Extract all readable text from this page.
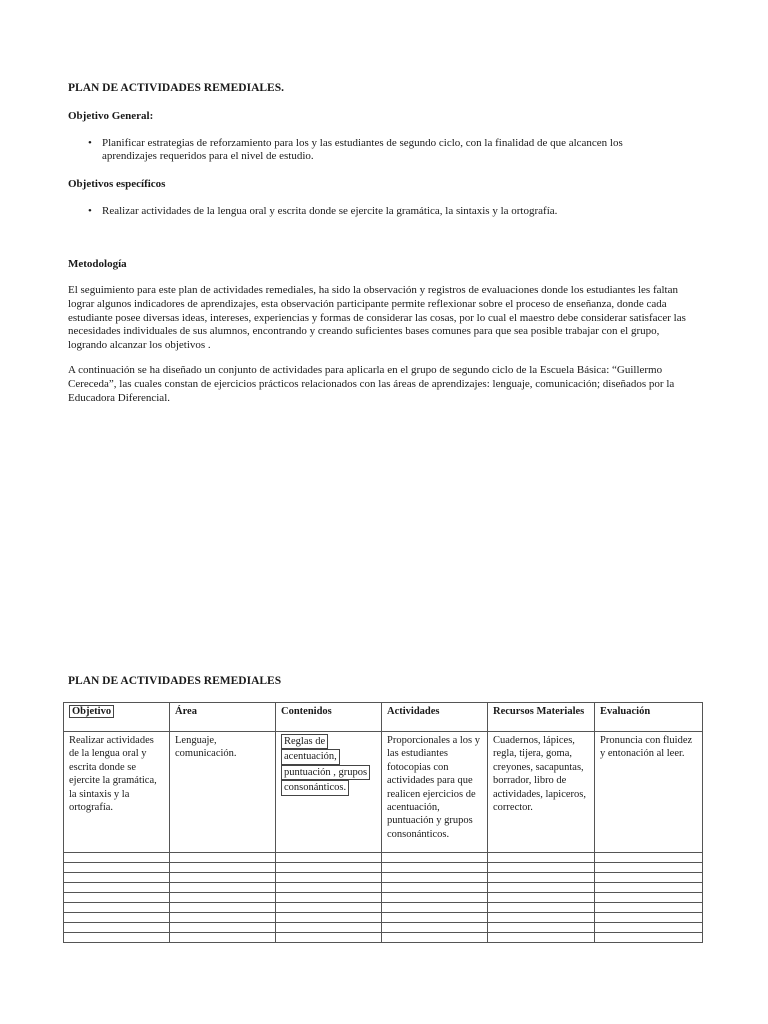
PLAN DE ACTIVIDADES REMEDIALES.
Objetivo General:
• Planificar estrategias de reforzamiento para los y las estudiantes de segundo ciclo, con la finalidad de que alcancen los aprendizajes requeridos para el nivel de estudio.
Objetivos específicos
• Realizar actividades de la lengua oral y escrita donde se ejercite la gramática, la sintaxis y la ortografía.
Metodología
El seguimiento para este plan de actividades remediales, ha sido la observación y registros de evaluaciones donde los estudiantes les faltan lograr algunos indicadores de aprendizajes, esta observación participante permite reflexionar sobre el proceso de enseñanza, donde cada estudiante posee diversas ideas, intereses, experiencias y formas de considerar las cosas, por lo cual el maestro debe considerar satisfacer las necesidades individuales de sus alumnos, encontrando y creando suficientes bases comunes para que sea posible trabajar con el grupo, logrando alcanzar los objetivos .
A continuación se ha diseñado un conjunto de actividades para aplicarla en el grupo de segundo ciclo de la Escuela Básica: “Guillermo Cereceda”, las cuales constan de ejercicios prácticos relacionados con las áreas de aprendizajes: lenguaje, comunicación; diseñados por la Educadora Diferencial.
PLAN DE ACTIVIDADES REMEDIALES
Objetivo	Área	Contenidos	Actividades	Recursos Materiales	Evaluación
Realizar actividades de la lengua oral y escrita donde se ejercite la gramática, la sintaxis y la ortografía.	Lenguaje, comunicación.	Reglas de
acentuación,
puntuación , grupos
consonánticos.	Proporcionales a los y las estudiantes fotocopias con actividades para que realicen ejercicios de acentuación, puntuación y grupos consonánticos.	Cuadernos, lápices, regla, tijera, goma, creyones, sacapuntas, borrador, libro de actividades, lapiceros, corrector.	Pronuncia con fluidez y entonación al leer.
